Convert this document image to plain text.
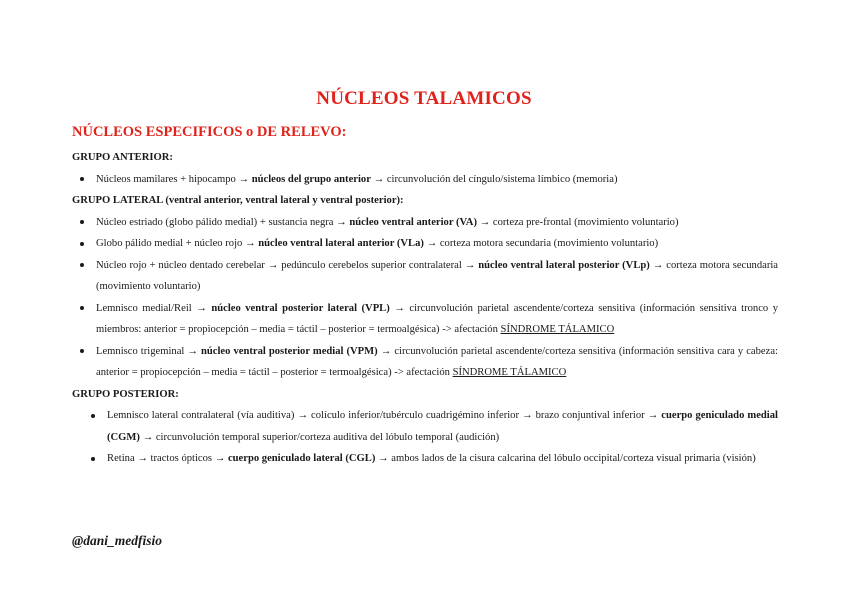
NÚCLEOS TALAMICOS
NÚCLEOS ESPECIFICOS o DE RELEVO:

GRUPO ANTERIOR:

Núcleos mamilares + hipocampo → núcleos del grupo anterior → circunvolución del cíngulo/sistema límbico (memoria)

GRUPO LATERAL (ventral anterior, ventral lateral y ventral posterior):

Núcleo estriado (globo pálido medial) + sustancia negra → núcleo ventral anterior (VA) → corteza pre-frontal (movimiento voluntario)
Globo pálido medial + núcleo rojo → núcleo ventral lateral anterior (VLa) → corteza motora secundaria (movimiento voluntario)
Núcleo rojo + núcleo dentado cerebelar → pedúnculo cerebelos superior contralateral → núcleo ventral lateral posterior (VLp) → corteza motora secundaria (movimiento voluntario)
Lemnisco medial/Reil → núcleo ventral posterior lateral (VPL) → circunvolución parietal ascendente/corteza sensitiva (información sensitiva tronco y miembros: anterior = propiocepción – media = táctil – posterior = termoalgésica) -> afectación SÍNDROME TÁLAMICO
Lemnisco trigeminal → núcleo ventral posterior medial (VPM) → circunvolución parietal ascendente/corteza sensitiva (información sensitiva cara y cabeza: anterior = propiocepción – media = táctil – posterior = termoalgésica) -> afectación SÍNDROME TÁLAMICO

GRUPO POSTERIOR:

Lemnisco lateral contralateral (vía auditiva) → colículo inferior/tubérculo cuadrigémino inferior → brazo conjuntival inferior → cuerpo geniculado medial (CGM) → circunvolución temporal superior/corteza auditiva del lóbulo temporal (audición)
Retina → tractos ópticos → cuerpo geniculado lateral (CGL) → ambos lados de la cisura calcarina del lóbulo occipital/corteza visual primaria (visión)
@dani_medfisio
